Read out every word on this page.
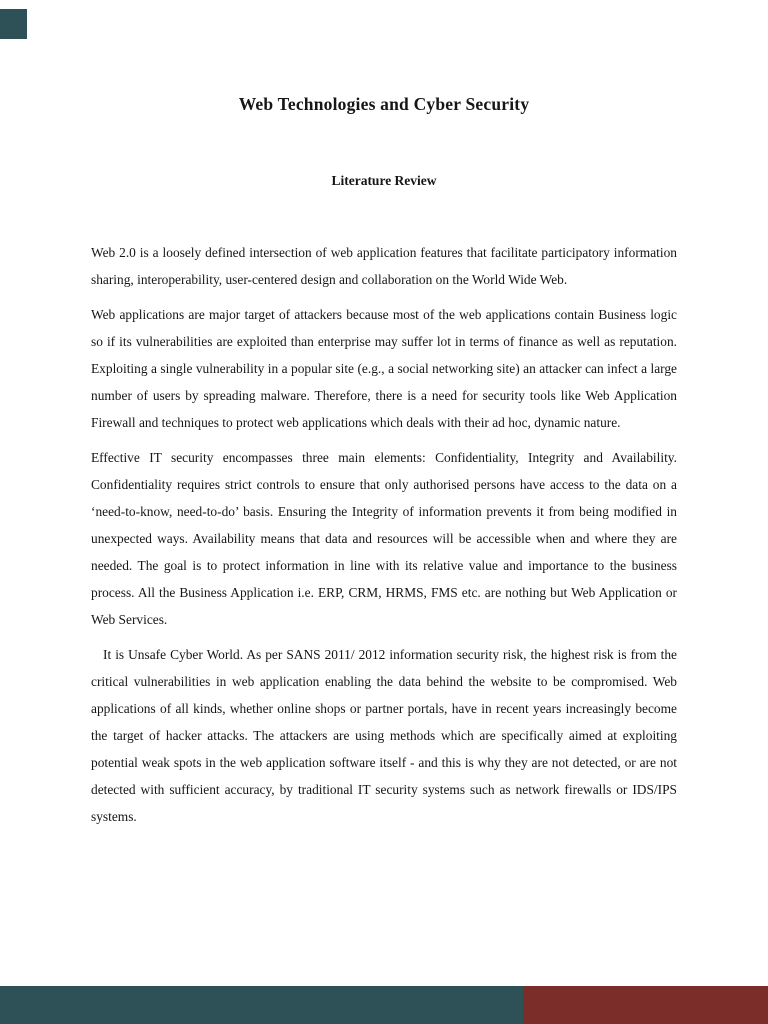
Web Technologies and Cyber Security
Literature Review

Web 2.0 is a loosely defined intersection of web application features that facilitate participatory information sharing, interoperability, user-centered design and collaboration on the World Wide Web.

Web applications are major target of attackers because most of the web applications contain Business logic so if its vulnerabilities are exploited than enterprise may suffer lot in terms of finance as well as reputation. Exploiting a single vulnerability in a popular site (e.g., a social networking site) an attacker can infect a large number of users by spreading malware. Therefore, there is a need for security tools like Web Application Firewall and techniques to protect web applications which deals with their ad hoc, dynamic nature.

Effective IT security encompasses three main elements: Confidentiality, Integrity and Availability. Confidentiality requires strict controls to ensure that only authorised persons have access to the data on a ‘need-to-know, need-to-do’ basis. Ensuring the Integrity of information prevents it from being modified in unexpected ways. Availability means that data and resources will be accessible when and where they are needed. The goal is to protect information in line with its relative value and importance to the business process. All the Business Application i.e. ERP, CRM, HRMS, FMS etc. are nothing but Web Application or Web Services.

It is Unsafe Cyber World. As per SANS 2011/ 2012 information security risk, the highest risk is from the critical vulnerabilities in web application enabling the data behind the website to be compromised. Web applications of all kinds, whether online shops or partner portals, have in recent years increasingly become the target of hacker attacks. The attackers are using methods which are specifically aimed at exploiting potential weak spots in the web application software itself - and this is why they are not detected, or are not detected with sufficient accuracy, by traditional IT security systems such as network firewalls or IDS/IPS systems.
